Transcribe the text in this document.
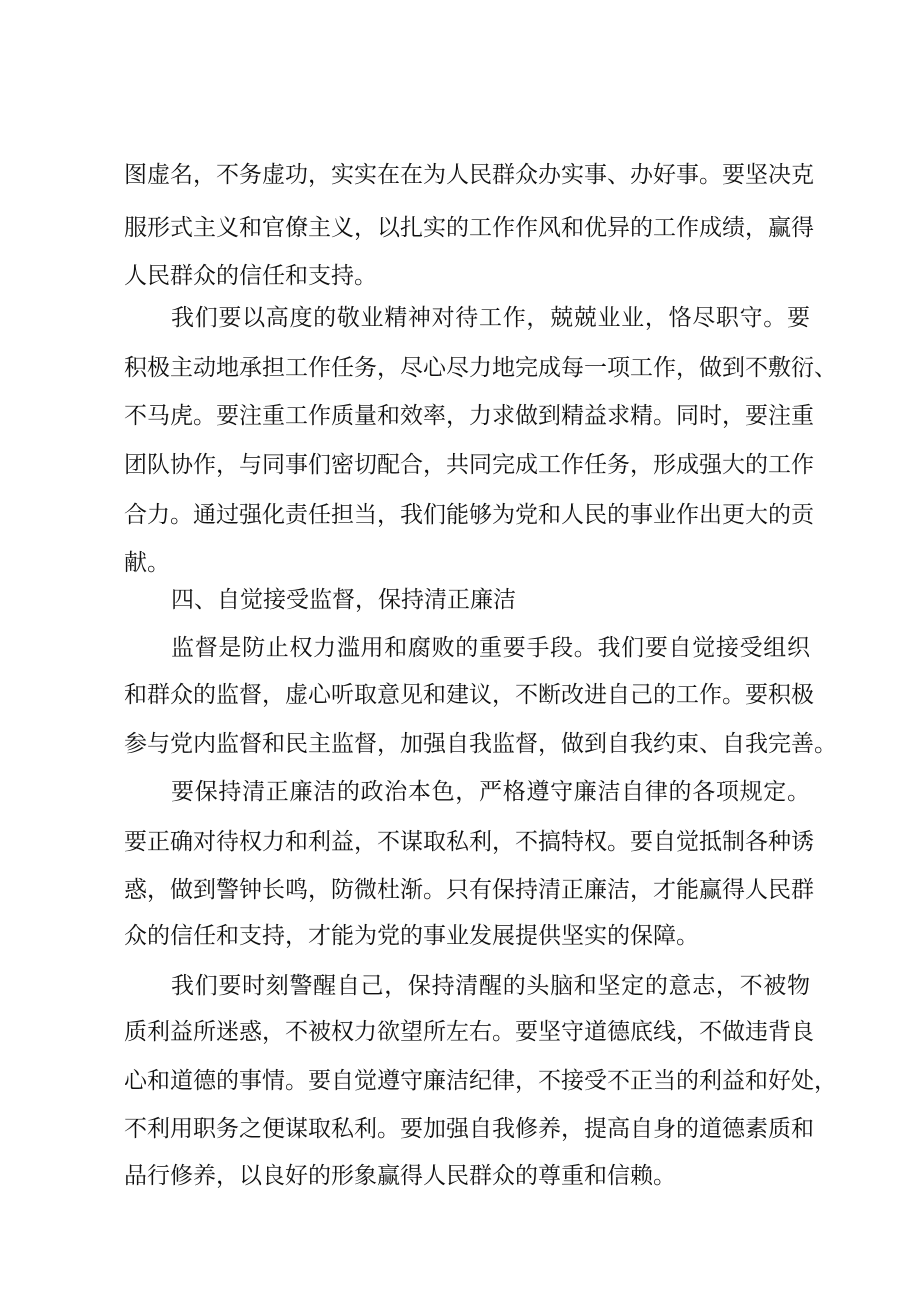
图虚名，不务虚功，实实在在为人民群众办实事、办好事。要坚决克
服形式主义和官僚主义，以扎实的工作作风和优异的工作成绩，赢得
人民群众的信任和支持。
我们要以高度的敬业精神对待工作，兢兢业业，恪尽职守。要
积极主动地承担工作任务，尽心尽力地完成每一项工作，做到不敷衍、
不马虎。要注重工作质量和效率，力求做到精益求精。同时，要注重
团队协作，与同事们密切配合，共同完成工作任务，形成强大的工作
合力。通过强化责任担当，我们能够为党和人民的事业作出更大的贡
献。
四、自觉接受监督，保持清正廉洁
监督是防止权力滥用和腐败的重要手段。我们要自觉接受组织
和群众的监督，虚心听取意见和建议，不断改进自己的工作。要积极
参与党内监督和民主监督，加强自我监督，做到自我约束、自我完善。
要保持清正廉洁的政治本色，严格遵守廉洁自律的各项规定。
要正确对待权力和利益，不谋取私利，不搞特权。要自觉抵制各种诱
惑，做到警钟长鸣，防微杜渐。只有保持清正廉洁，才能赢得人民群
众的信任和支持，才能为党的事业发展提供坚实的保障。
我们要时刻警醒自己，保持清醒的头脑和坚定的意志，不被物
质利益所迷惑，不被权力欲望所左右。要坚守道德底线，不做违背良
心和道德的事情。要自觉遵守廉洁纪律，不接受不正当的利益和好处，
不利用职务之便谋取私利。要加强自我修养，提高自身的道德素质和
品行修养，以良好的形象赢得人民群众的尊重和信赖。
